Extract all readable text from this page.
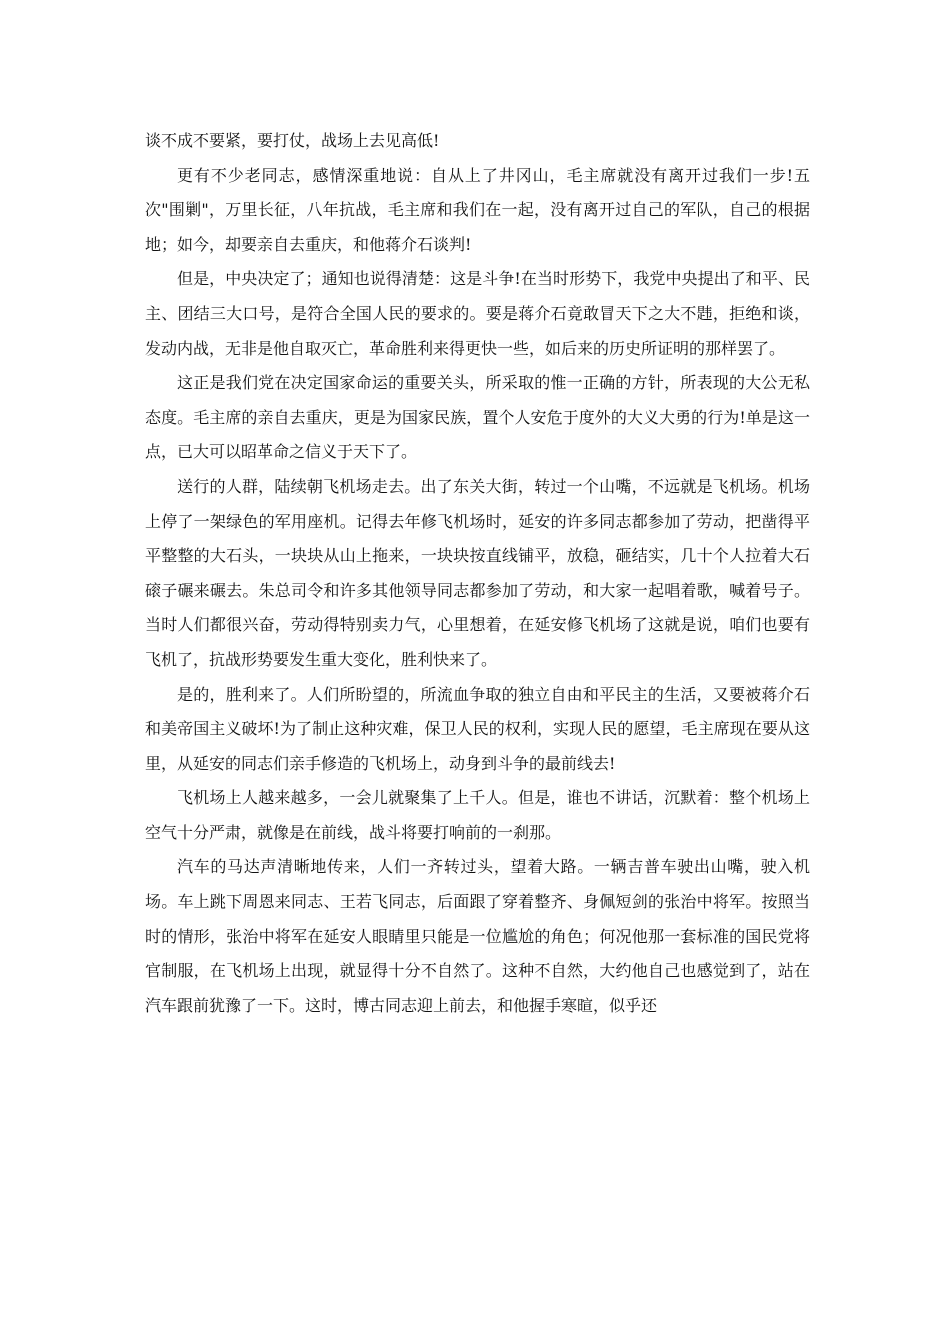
谈不成不要紧，要打仗，战场上去见高低!

更有不少老同志，感情深重地说：自从上了井冈山，毛主席就没有离开过我们一步!五次"围剿"，万里长征，八年抗战，毛主席和我们在一起，没有离开过自己的军队，自己的根据地；如今，却要亲自去重庆，和他蒋介石谈判!

但是，中央决定了；通知也说得清楚：这是斗争!在当时形势下，我党中央提出了和平、民主、团结三大口号，是符合全国人民的要求的。要是蒋介石竟敢冒天下之大不韪，拒绝和谈，发动内战，无非是他自取灭亡，革命胜利来得更快一些，如后来的历史所证明的那样罢了。

这正是我们党在决定国家命运的重要关头，所采取的惟一正确的方针，所表现的大公无私态度。毛主席的亲自去重庆，更是为国家民族，置个人安危于度外的大义大勇的行为!单是这一点，已大可以昭革命之信义于天下了。

送行的人群，陆续朝飞机场走去。出了东关大街，转过一个山嘴，不远就是飞机场。机场上停了一架绿色的军用座机。记得去年修飞机场时，延安的许多同志都参加了劳动，把凿得平平整整的大石头，一块块从山上拖来，一块块按直线铺平，放稳，砸结实，几十个人拉着大石磙子碾来碾去。朱总司令和许多其他领导同志都参加了劳动，和大家一起唱着歌，喊着号子。当时人们都很兴奋，劳动得特别卖力气，心里想着，在延安修飞机场了这就是说，咱们也要有飞机了，抗战形势要发生重大变化，胜利快来了。

是的，胜利来了。人们所盼望的，所流血争取的独立自由和平民主的生活，又要被蒋介石和美帝国主义破坏!为了制止这种灾难，保卫人民的权利，实现人民的愿望，毛主席现在要从这里，从延安的同志们亲手修造的飞机场上，动身到斗争的最前线去!

飞机场上人越来越多，一会儿就聚集了上千人。但是，谁也不讲话，沉默着：整个机场上空气十分严肃，就像是在前线，战斗将要打响前的一刹那。

汽车的马达声清晰地传来，人们一齐转过头，望着大路。一辆吉普车驶出山嘴，驶入机场。车上跳下周恩来同志、王若飞同志，后面跟了穿着整齐、身佩短剑的张治中将军。按照当时的情形，张治中将军在延安人眼睛里只能是一位尴尬的角色；何况他那一套标准的国民党将官制服，在飞机场上出现，就显得十分不自然了。这种不自然，大约他自己也感觉到了，站在汽车跟前犹豫了一下。这时，博古同志迎上前去，和他握手寒暄，似乎还
